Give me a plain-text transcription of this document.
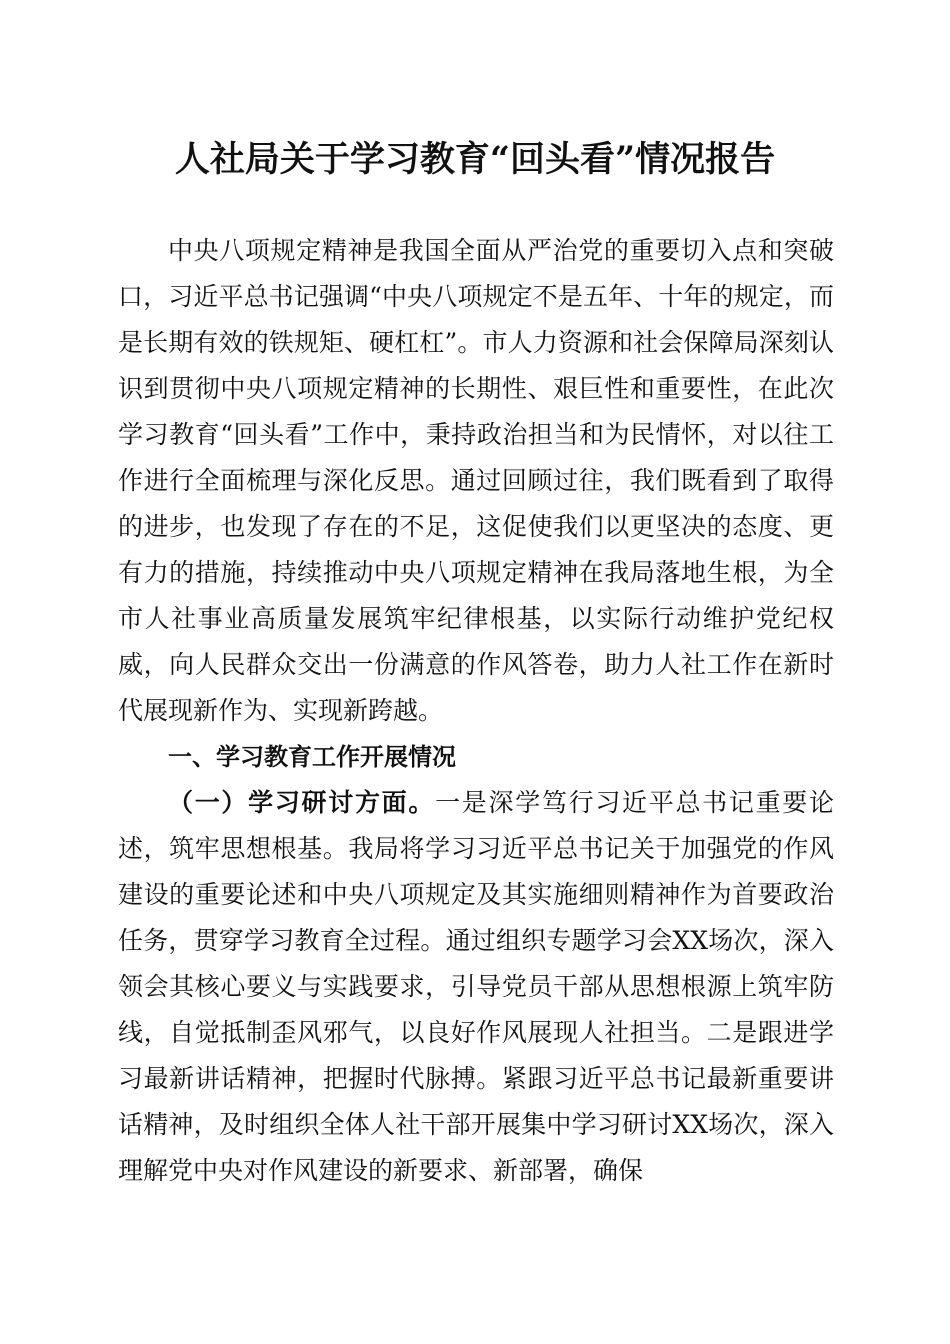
人社局关于学习教育“回头看”情况报告

中央八项规定精神是我国全面从严治党的重要切入点和突破口，习近平总书记强调“中央八项规定不是五年、十年的规定，而是长期有效的铁规矩、硬杠杠”。市人力资源和社会保障局深刻认识到贯彻中央八项规定精神的长期性、艰巨性和重要性，在此次学习教育“回头看”工作中，秉持政治担当和为民情怀，对以往工作进行全面梳理与深化反思。通过回顾过往，我们既看到了取得的进步，也发现了存在的不足，这促使我们以更坚决的态度、更有力的措施，持续推动中央八项规定精神在我局落地生根，为全市人社事业高质量发展筑牢纪律根基，以实际行动维护党纪权威，向人民群众交出一份满意的作风答卷，助力人社工作在新时代展现新作为、实现新跨越。

一、学习教育工作开展情况

（一）学习研讨方面。一是深学笃行习近平总书记重要论述，筑牢思想根基。我局将学习习近平总书记关于加强党的作风建设的重要论述和中央八项规定及其实施细则精神作为首要政治任务，贯穿学习教育全过程。通过组织专题学习会XX场次，深入领会其核心要义与实践要求，引导党员干部从思想根源上筑牢防线，自觉抵制歪风邪气，以良好作风展现人社担当。二是跟进学习最新讲话精神，把握时代脉搏。紧跟习近平总书记最新重要讲话精神，及时组织全体人社干部开展集中学习研讨XX场次，深入理解党中央对作风建设的新要求、新部署，确保
